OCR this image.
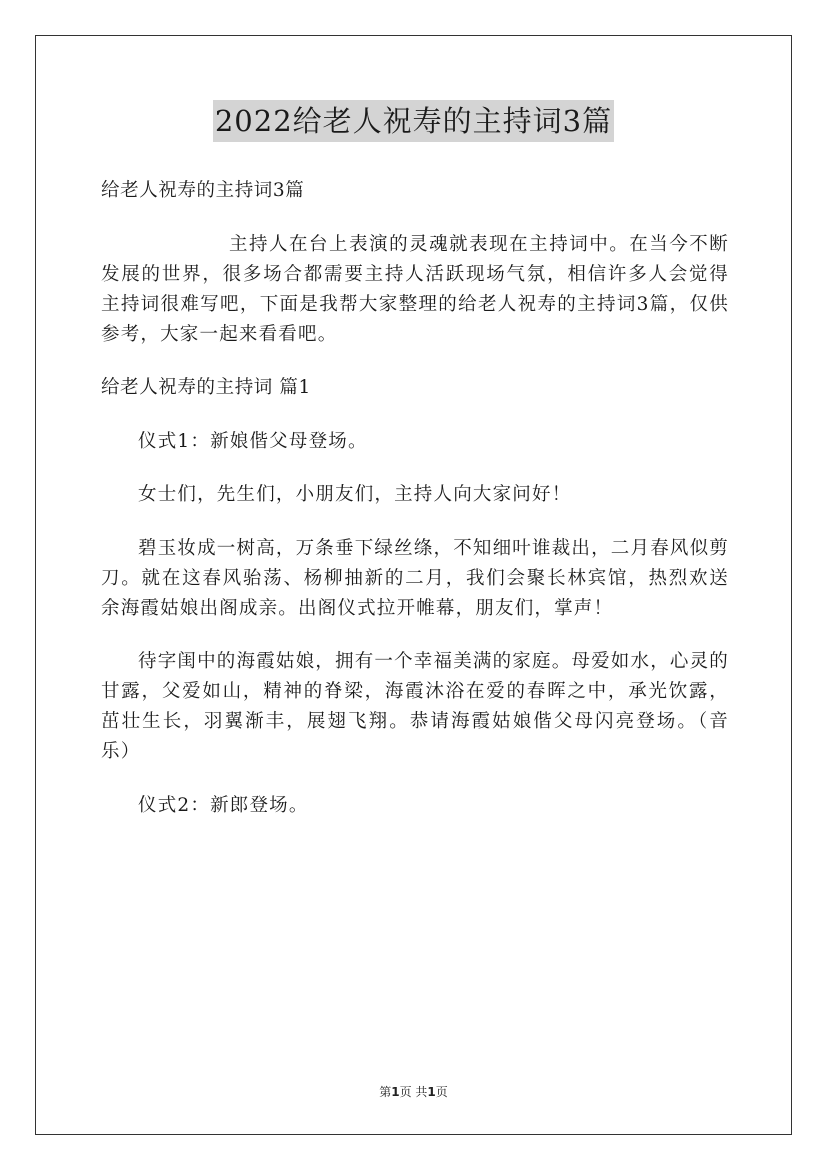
2022给老人祝寿的主持词3篇
给老人祝寿的主持词3篇

主持人在台上表演的灵魂就表现在主持词中。在当今不断发展的世界，很多场合都需要主持人活跃现场气氛，相信许多人会觉得主持词很难写吧，下面是我帮大家整理的给老人祝寿的主持词3篇，仅供参考，大家一起来看看吧。

给老人祝寿的主持词 篇1

仪式1：新娘偕父母登场。

女士们，先生们，小朋友们，主持人向大家问好！

碧玉妆成一树高，万条垂下绿丝绦，不知细叶谁裁出，二月春风似剪刀。就在这春风骀荡、杨柳抽新的二月，我们会聚长林宾馆，热烈欢送余海霞姑娘出阁成亲。出阁仪式拉开帷幕，朋友们，掌声！

待字闺中的海霞姑娘，拥有一个幸福美满的家庭。母爱如水，心灵的甘露，父爱如山，精神的脊梁，海霞沐浴在爱的春晖之中，承光饮露，茁壮生长，羽翼渐丰，展翅飞翔。恭请海霞姑娘偕父母闪亮登场。（音乐）

仪式2：新郎登场。

第1页 共1页
